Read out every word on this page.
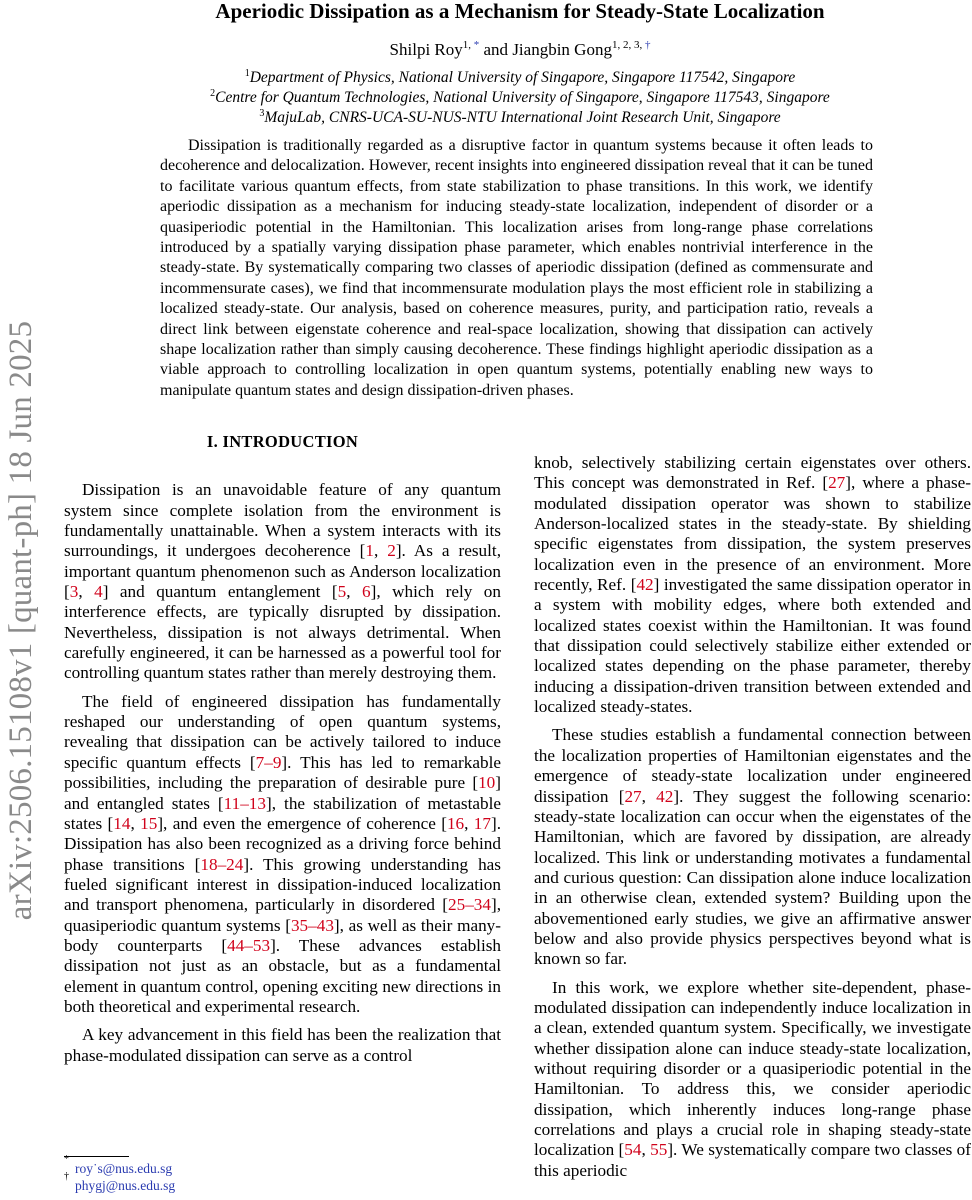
arXiv:2506.15108v1 [quant-ph] 18 Jun 2025
Aperiodic Dissipation as a Mechanism for Steady-State Localization
Shilpi Roy$^{1, *}$ and Jiangbin Gong$^{1, 2, 3, \dagger}$
$^1$Department of Physics, National University of Singapore, Singapore 117542, Singapore
$^2$Centre for Quantum Technologies, National University of Singapore, Singapore 117543, Singapore
$^3$MajuLab, CNRS-UCA-SU-NUS-NTU International Joint Research Unit, Singapore

Dissipation is traditionally regarded as a disruptive factor in quantum systems because it often leads to decoherence and delocalization. However, recent insights into engineered dissipation reveal that it can be tuned to facilitate various quantum effects, from state stabilization to phase transitions. In this work, we identify aperiodic dissipation as a mechanism for inducing steady-state localization, independent of disorder or a quasiperiodic potential in the Hamiltonian. This localization arises from long-range phase correlations introduced by a spatially varying dissipation phase parameter, which enables nontrivial interference in the steady-state. By systematically comparing two classes of aperiodic dissipation (defined as commensurate and incommensurate cases), we find that incommensurate modulation plays the most efficient role in stabilizing a localized steady-state. Our analysis, based on coherence measures, purity, and participation ratio, reveals a direct link between eigenstate coherence and real-space localization, showing that dissipation can actively shape localization rather than simply causing decoherence. These findings highlight aperiodic dissipation as a viable approach to controlling localization in open quantum systems, potentially enabling new ways to manipulate quantum states and design dissipation-driven phases.

I. INTRODUCTION

Dissipation is an unavoidable feature of any quantum system since complete isolation from the environment is fundamentally unattainable. When a system interacts with its surroundings, it undergoes decoherence [1, 2]. As a result, important quantum phenomenon such as Anderson localization [3, 4] and quantum entanglement [5, 6], which rely on interference effects, are typically disrupted by dissipation. Nevertheless, dissipation is not always detrimental. When carefully engineered, it can be harnessed as a powerful tool for controlling quantum states rather than merely destroying them.

The field of engineered dissipation has fundamentally reshaped our understanding of open quantum systems, revealing that dissipation can be actively tailored to induce specific quantum effects [7–9]. This has led to remarkable possibilities, including the preparation of desirable pure [10] and entangled states [11–13], the stabilization of metastable states [14, 15], and even the emergence of coherence [16, 17]. Dissipation has also been recognized as a driving force behind phase transitions [18–24]. This growing understanding has fueled significant interest in dissipation-induced localization and transport phenomena, particularly in disordered [25–34], quasiperiodic quantum systems [35–43], as well as their many-body counterparts [44–53]. These advances establish dissipation not just as an obstacle, but as a fundamental element in quantum control, opening exciting new directions in both theoretical and experimental research.

A key advancement in this field has been the realization that phase-modulated dissipation can serve as a control

knob, selectively stabilizing certain eigenstates over others. This concept was demonstrated in Ref. [27], where a phase-modulated dissipation operator was shown to stabilize Anderson-localized states in the steady-state. By shielding specific eigenstates from dissipation, the system preserves localization even in the presence of an environment. More recently, Ref. [42] investigated the same dissipation operator in a system with mobility edges, where both extended and localized states coexist within the Hamiltonian. It was found that dissipation could selectively stabilize either extended or localized states depending on the phase parameter, thereby inducing a dissipation-driven transition between extended and localized steady-states.

These studies establish a fundamental connection between the localization properties of Hamiltonian eigenstates and the emergence of steady-state localization under engineered dissipation [27, 42]. They suggest the following scenario: steady-state localization can occur when the eigenstates of the Hamiltonian, which are favored by dissipation, are already localized. This link or understanding motivates a fundamental and curious question: Can dissipation alone induce localization in an otherwise clean, extended system? Building upon the abovementioned early studies, we give an affirmative answer below and also provide physics perspectives beyond what is known so far.

In this work, we explore whether site-dependent, phase-modulated dissipation can independently induce localization in a clean, extended quantum system. Specifically, we investigate whether dissipation alone can induce steady-state localization, without requiring disorder or a quasiperiodic potential in the Hamiltonian. To address this, we consider aperiodic dissipation, which inherently induces long-range phase correlations and plays a crucial role in shaping steady-state localization [54, 55]. We systematically compare two classes of this aperiodic

*
roy˙s@nus.edu.sg
†
phygj@nus.edu.sg
